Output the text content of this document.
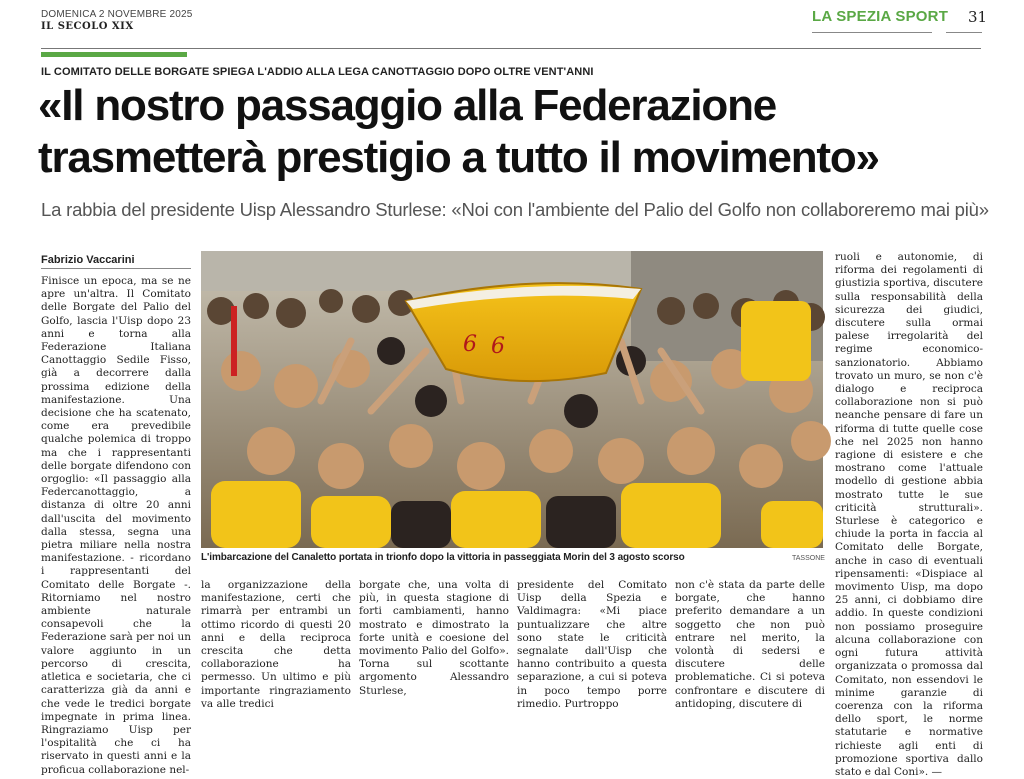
DOMENICA 2 NOVEMBRE 2025
IL SECOLO XIX
LA SPEZIA SPORT 31
IL COMITATO DELLE BORGATE SPIEGA L'ADDIO ALLA LEGA CANOTTAGGIO DOPO OLTRE VENT'ANNI
«Il nostro passaggio alla Federazione trasmetterà prestigio a tutto il movimento»
La rabbia del presidente Uisp Alessandro Sturlese: «Noi con l'ambiente del Palio del Golfo non collaboreremo mai più»
Fabrizio Vaccarini
Finisce un epoca, ma se ne apre un'altra. Il Comitato delle Borgate del Palio del Golfo, lascia l'Uisp dopo 23 anni e torna alla Federazione Italiana Canottaggio Sedile Fisso, già a decorrere dalla prossima edizione della manifestazione. Una decisione che ha scatenato, come era prevedibile qualche polemica di troppo ma che i rappresentanti delle borgate difendono con orgoglio: «Il passaggio alla Federcanottaggio, a distanza di oltre 20 anni dall'uscita del movimento dalla stessa, segna una pietra miliare nella nostra manifestazione. - ricordano i rappresentanti del Comitato delle Borgate -. Ritorniamo nel nostro ambiente naturale consapevoli che la Federazione sarà per noi un valore aggiunto in un percorso di crescita, atletica e societaria, che ci caratterizza già da anni e che vede le tredici borgate impegnate in prima linea. Ringraziamo Uisp per l'ospitalità che ci ha riservato in questi anni e la proficua collaborazione nel-
6 6
L'imbarcazione del Canaletto portata in trionfo dopo la vittoria in passeggiata Morin del 3 agosto scorso	TASSONE
la organizzazione della manifestazione, certi che rimarrà per entrambi un ottimo ricordo di questi 20 anni e della reciproca crescita che detta collaborazione ha permesso. Un ultimo e più importante ringraziamento va alle tredici
borgate che, una volta di più, in questa stagione di forti cambiamenti, hanno mostrato e dimostrato la forte unità e coesione del movimento Palio del Golfo». Torna sul scottante argomento Alessandro Sturlese,
presidente del Comitato Uisp della Spezia e Valdimagra: «Mi piace puntualizzare che altre sono state le criticità segnalate dall'Uisp che hanno contribuito a questa separazione, a cui si poteva in poco tempo porre rimedio. Purtroppo
non c'è stata da parte delle borgate, che hanno preferito demandare a un soggetto che non può entrare nel merito, la volontà di sedersi e discutere delle problematiche. Ci si poteva confrontare e discutere di antidoping, discutere di
ruoli e autonomie, di riforma dei regolamenti di giustizia sportiva, discutere sulla responsabilità della sicurezza dei giudici, discutere sulla ormai palese irregolarità del regime economico-sanzionatorio. Abbiamo trovato un muro, se non c'è dialogo e reciproca collaborazione non si può neanche pensare di fare un riforma di tutte quelle cose che nel 2025 non hanno ragione di esistere e che mostrano come l'attuale modello di gestione abbia mostrato tutte le sue criticità strutturali». Sturlese è categorico e chiude la porta in faccia al Comitato delle Borgate, anche in caso di eventuali ripensamenti: «Dispiace al movimento Uisp, ma dopo 25 anni, ci dobbiamo dire addio. In queste condizioni non possiamo proseguire alcuna collaborazione con ogni futura attività organizzata o promossa dal Comitato, non essendovi le minime garanzie di coerenza con la riforma dello sport, le norme statutarie e normative richieste agli enti di promozione sportiva dallo stato e dal Coni». —
